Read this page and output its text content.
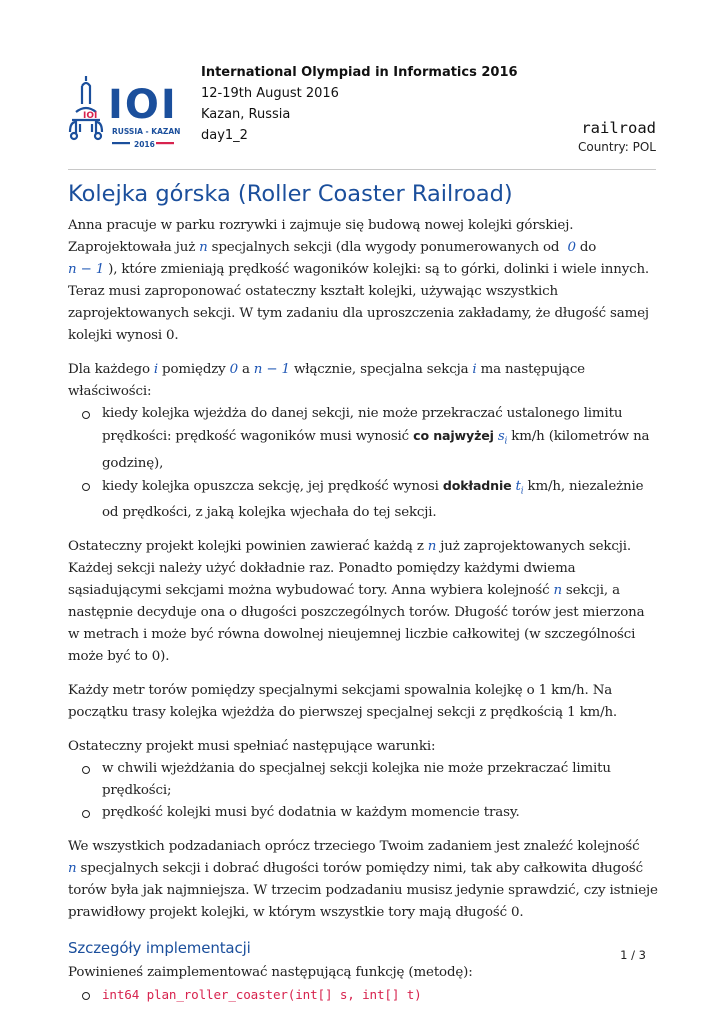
IOI IOI
RUSSIA - KAZAN
2016
International Olympiad in Informatics 2016
12-19th August 2016
Kazan, Russia
day1_2	railroad
Country: POL
Kolejka górska (Roller Coaster Railroad)

Anna pracuje w parku rozrywki i zajmuje się budową nowej kolejki górskiej. Zaprojektowała już n specjalnych sekcji (dla wygody ponumerowanych od 0 do
n − 1 ), które zmieniają prędkość wagoników kolejki: są to górki, dolinki i wiele innych. Teraz musi zaproponować ostateczny kształt kolejki, używając wszystkich zaprojektowanych sekcji. W tym zadaniu dla uproszczenia zakładamy, że długość samej kolejki wynosi 0.

Dla każdego i pomiędzy 0 a n − 1 włącznie, specjalna sekcja i ma następujące właściwości:

kiedy kolejka wjeżdża do danej sekcji, nie może przekraczać ustalonego limitu prędkości: prędkość wagoników musi wynosić co najwyżej $s_i$ km/h (kilometrów na godzinę),
kiedy kolejka opuszcza sekcję, jej prędkość wynosi dokładnie $t_i$ km/h, niezależnie od prędkości, z jaką kolejka wjechała do tej sekcji.

Ostateczny projekt kolejki powinien zawierać każdą z n już zaprojektowanych sekcji. Każdej sekcji należy użyć dokładnie raz. Ponadto pomiędzy każdymi dwiema sąsiadującymi sekcjami można wybudować tory. Anna wybiera kolejność n sekcji, a następnie decyduje ona o długości poszczególnych torów. Długość torów jest mierzona w metrach i może być równa dowolnej nieujemnej liczbie całkowitej (w szczególności może być to 0).

Każdy metr torów pomiędzy specjalnymi sekcjami spowalnia kolejkę o 1 km/h. Na początku trasy kolejka wjeżdża do pierwszej specjalnej sekcji z prędkością 1 km/h.

Ostateczny projekt musi spełniać następujące warunki:

w chwili wjeżdżania do specjalnej sekcji kolejka nie może przekraczać limitu prędkości;
prędkość kolejki musi być dodatnia w każdym momencie trasy.

We wszystkich podzadaniach oprócz trzeciego Twoim zadaniem jest znaleźć kolejność
n specjalnych sekcji i dobrać długości torów pomiędzy nimi, tak aby całkowita długość torów była jak najmniejsza. W trzecim podzadaniu musisz jedynie sprawdzić, czy istnieje prawidłowy projekt kolejki, w którym wszystkie tory mają długość 0.

Szczegóły implementacji

Powinieneś zaimplementować następującą funkcję (metodę):

int64 plan_roller_coaster(int[] s, int[] t)
1 / 3
